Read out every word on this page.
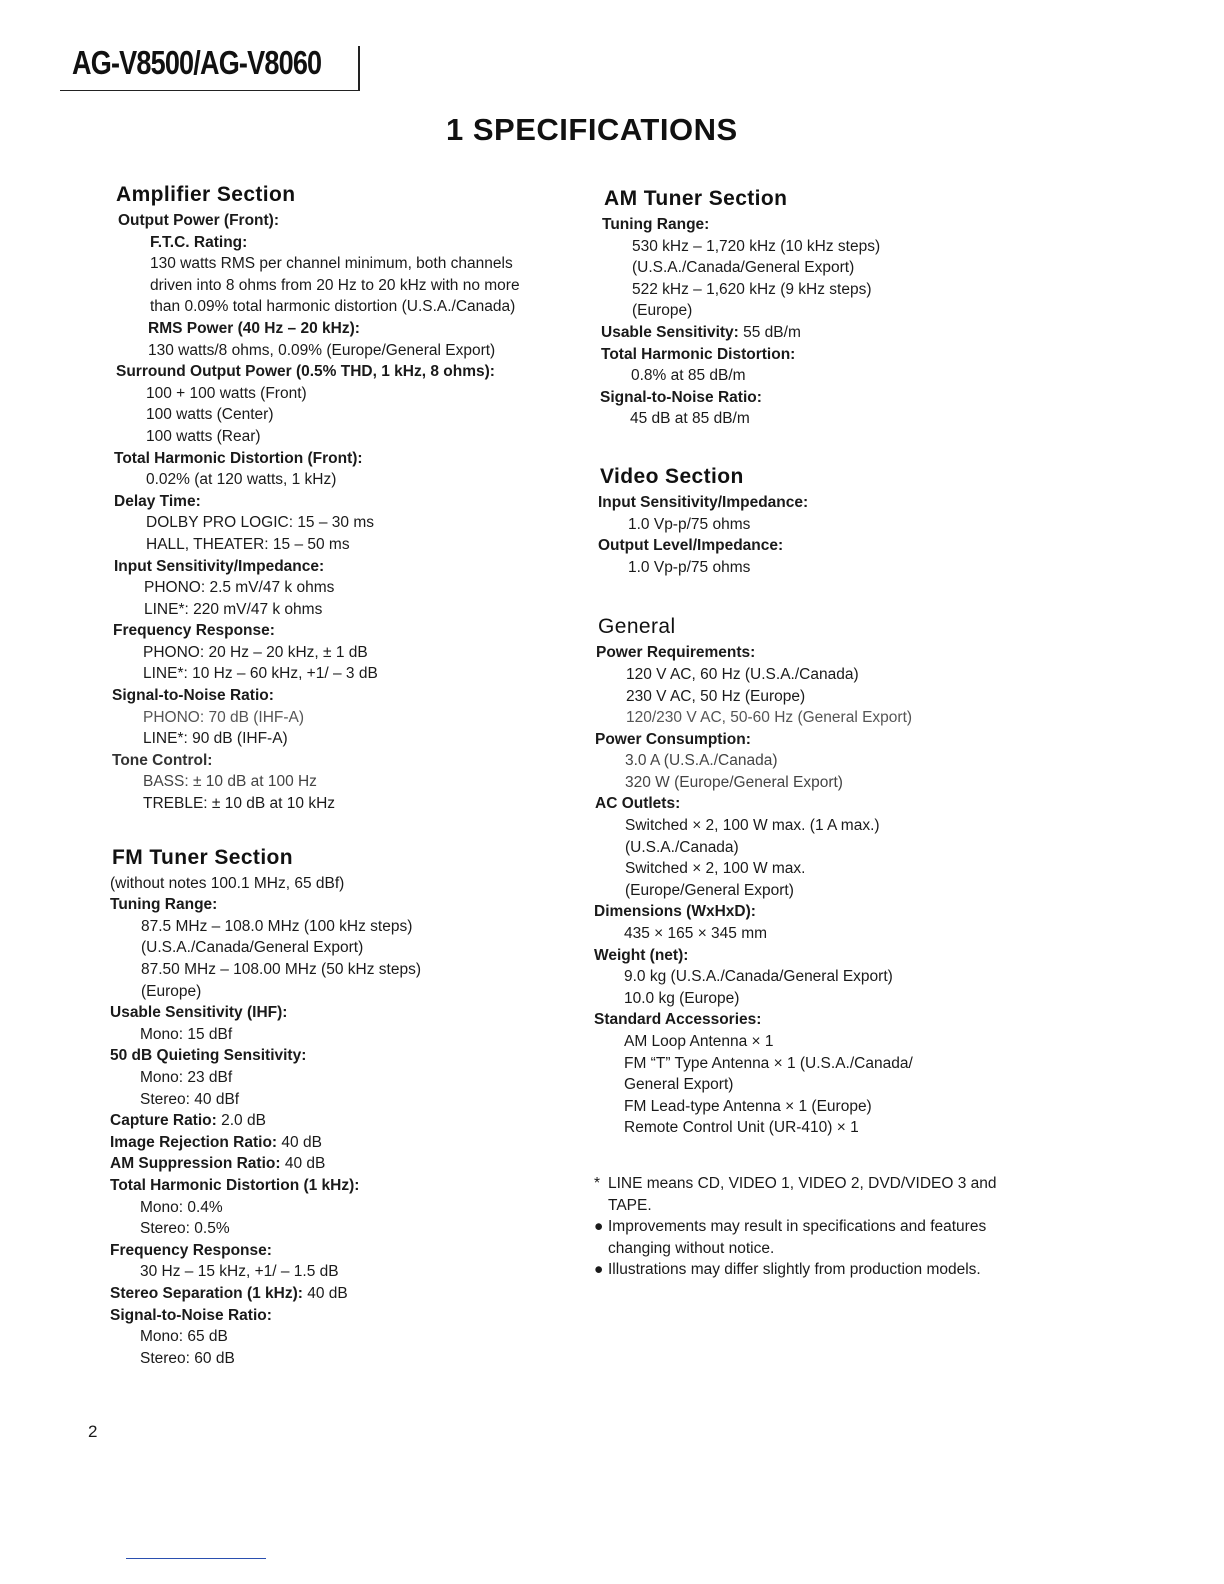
AG-V8500/AG-V8060
1 SPECIFICATIONS
Amplifier Section
Output Power (Front):
F.T.C. Rating:
130 watts RMS per channel minimum, both channels
driven into 8 ohms from 20 Hz to 20 kHz with no more
than 0.09% total harmonic distortion (U.S.A./Canada)
RMS Power (40 Hz – 20 kHz):
130 watts/8 ohms, 0.09% (Europe/General Export)
Surround Output Power (0.5% THD, 1 kHz, 8 ohms):
100 + 100 watts (Front)
100 watts (Center)
100 watts (Rear)
Total Harmonic Distortion (Front):
0.02% (at 120 watts, 1 kHz)
Delay Time:
DOLBY PRO LOGIC: 15 – 30 ms
HALL, THEATER: 15 – 50 ms
Input Sensitivity/Impedance:
PHONO: 2.5 mV/47 k ohms
LINE*: 220 mV/47 k ohms
Frequency Response:
PHONO: 20 Hz – 20 kHz, ± 1 dB
LINE*: 10 Hz – 60 kHz, +1/ – 3 dB
Signal-to-Noise Ratio:
PHONO: 70 dB (IHF-A)
LINE*: 90 dB (IHF-A)
Tone Control:
BASS: ± 10 dB at 100 Hz
TREBLE: ± 10 dB at 10 kHz
FM Tuner Section
(without notes 100.1 MHz, 65 dBf)
Tuning Range:
87.5 MHz – 108.0 MHz (100 kHz steps)
(U.S.A./Canada/General Export)
87.50 MHz – 108.00 MHz (50 kHz steps)
(Europe)
Usable Sensitivity (IHF):
Mono: 15 dBf
50 dB Quieting Sensitivity:
Mono: 23 dBf
Stereo: 40 dBf
Capture Ratio: 2.0 dB
Image Rejection Ratio: 40 dB
AM Suppression Ratio: 40 dB
Total Harmonic Distortion (1 kHz):
Mono: 0.4%
Stereo: 0.5%
Frequency Response:
30 Hz – 15 kHz, +1/ – 1.5 dB
Stereo Separation (1 kHz): 40 dB
Signal-to-Noise Ratio:
Mono: 65 dB
Stereo: 60 dB
AM Tuner Section
Tuning Range:
530 kHz – 1,720 kHz (10 kHz steps)
(U.S.A./Canada/General Export)
522 kHz – 1,620 kHz (9 kHz steps)
(Europe)
Usable Sensitivity: 55 dB/m
Total Harmonic Distortion:
0.8% at 85 dB/m
Signal-to-Noise Ratio:
45 dB at 85 dB/m
Video Section
Input Sensitivity/Impedance:
1.0 Vp-p/75 ohms
Output Level/Impedance:
1.0 Vp-p/75 ohms
General
Power Requirements:
120 V AC, 60 Hz (U.S.A./Canada)
230 V AC, 50 Hz (Europe)
120/230 V AC, 50-60 Hz (General Export)
Power Consumption:
3.0 A (U.S.A./Canada)
320 W (Europe/General Export)
AC Outlets:
Switched × 2, 100 W max. (1 A max.)
(U.S.A./Canada)
Switched × 2, 100 W max.
(Europe/General Export)
Dimensions (WxHxD):
435 × 165 × 345 mm
Weight (net):
9.0 kg (U.S.A./Canada/General Export)
10.0 kg (Europe)
Standard Accessories:
AM Loop Antenna × 1
FM “T” Type Antenna × 1 (U.S.A./Canada/
General Export)
FM Lead-type Antenna × 1 (Europe)
Remote Control Unit (UR-410) × 1
* LINE means CD, VIDEO 1, VIDEO 2, DVD/VIDEO 3 and
TAPE.
● Improvements may result in specifications and features
changing without notice.
● Illustrations may differ slightly from production models.
2
